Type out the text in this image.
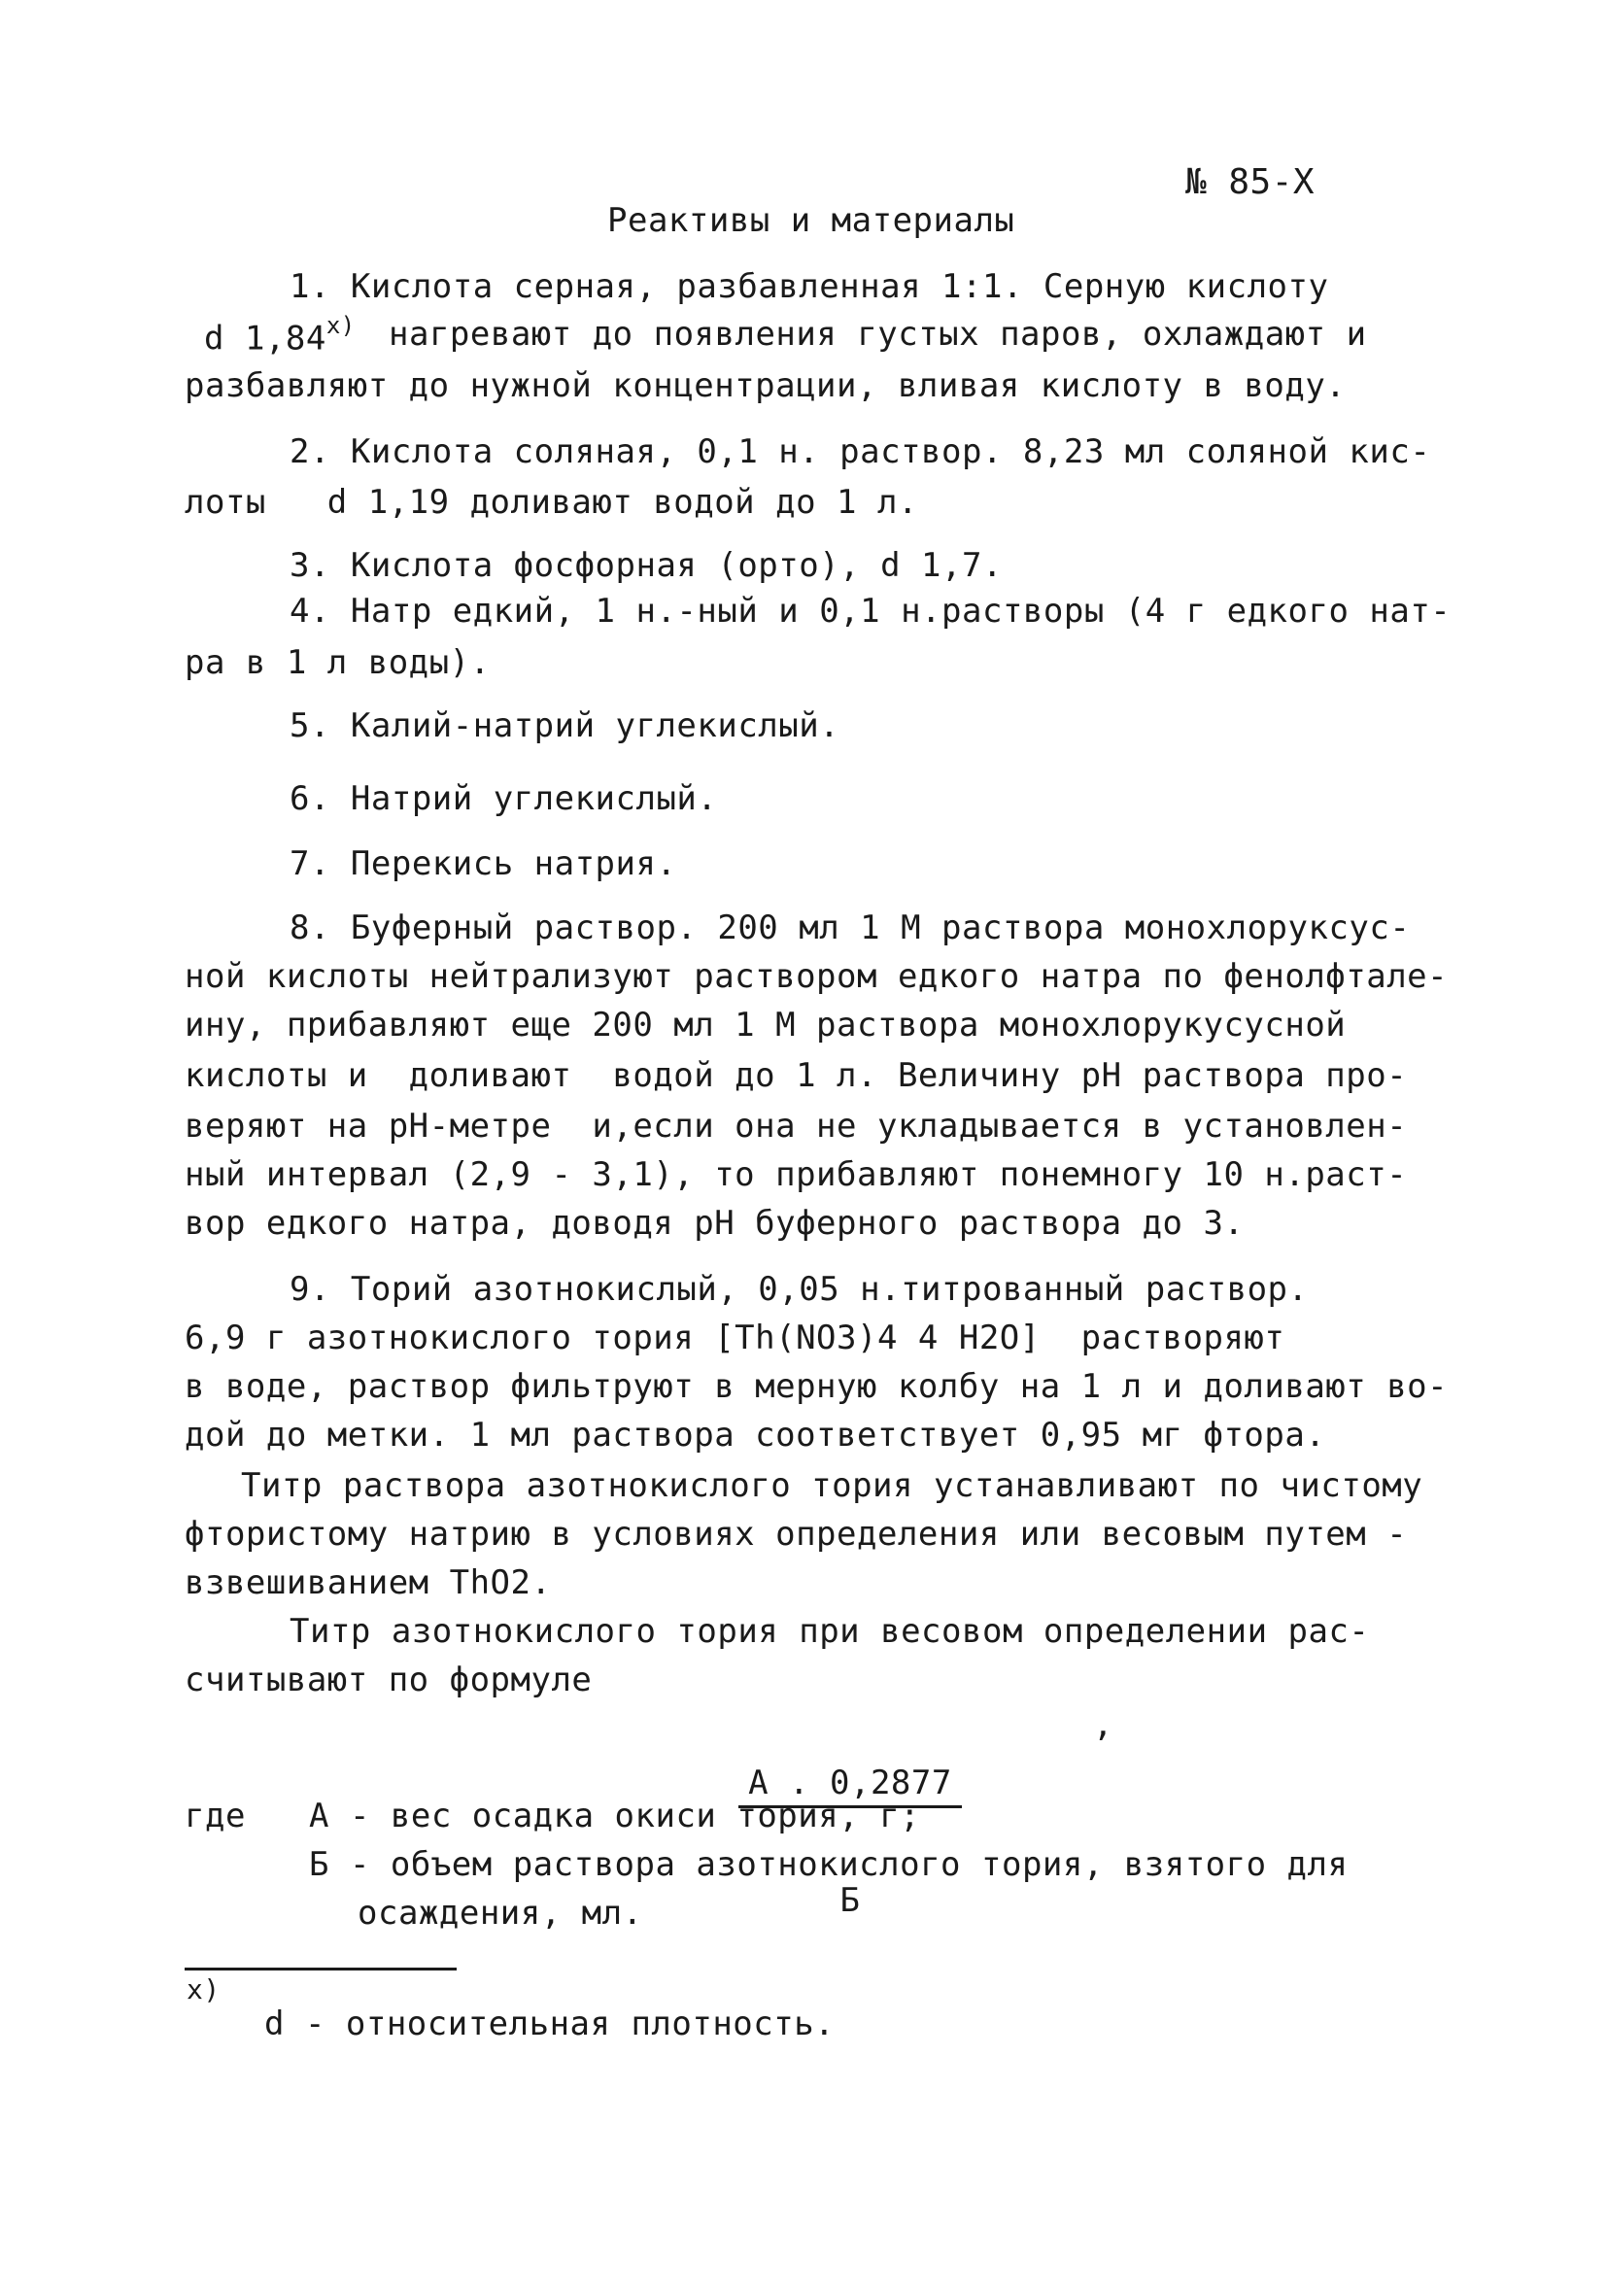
№ 85-X
Реактивы и материалы
1. Кислота серная, разбавленная 1:1. Серную кислоту
d 1,84$^{x)}$ нагревают до появления густых паров, охлаждают и
разбавляют до нужной концентрации, вливая кислоту в воду.
2. Кислота соляная, 0,1 н. раствор. 8,23 мл соляной кис-
лоты   d 1,19 доливают водой до 1 л.
3. Кислота фосфорная (орто), d 1,7.
4. Натр едкий, 1 н.-ный и 0,1 н.растворы (4 г едкого нат-
ра в 1 л воды).
5. Калий-натрий углекислый.
6. Натрий углекислый.
7. Перекись натрия.
8. Буферный раствор. 200 мл 1 М раствора монохлоруксус-
ной кислоты нейтрализуют раствором едкого натра по фенолфтале-
ину, прибавляют еще 200 мл 1 М раствора монохлорукусусной
кислоты и  доливают  водой до 1 л. Величину рН раствора про-
веряют на рН-метре  и,если она не укладывается в установлен-
ный интервал (2,9 - 3,1), то прибавляют понемногу 10 н.раст-
вор едкого натра, доводя рН буферного раствора до 3.
9. Торий азотнокислый, 0,05 н.титрованный раствор.
6,9 г азотнокислого тория [Th(NO3)4 4 H2O]  растворяют
в воде, раствор фильтруют в мерную колбу на 1 л и доливают во-
дой до метки. 1 мл раствора соответствует 0,95 мг фтора.
Титр раствора азотнокислого тория устанавливают по чистому
фтористому натрию в условиях определения или весовым путем -
взвешиванием ThO2.
Титр азотнокислого тория при весовом определении рас-
считывают по формуле

A . 0,2877

Б

,
где А - вес осадка окиси тория, г;
Б - объем раствора азотнокислого тория, взятого для
осаждения, мл.
x)
d - относительная плотность.
